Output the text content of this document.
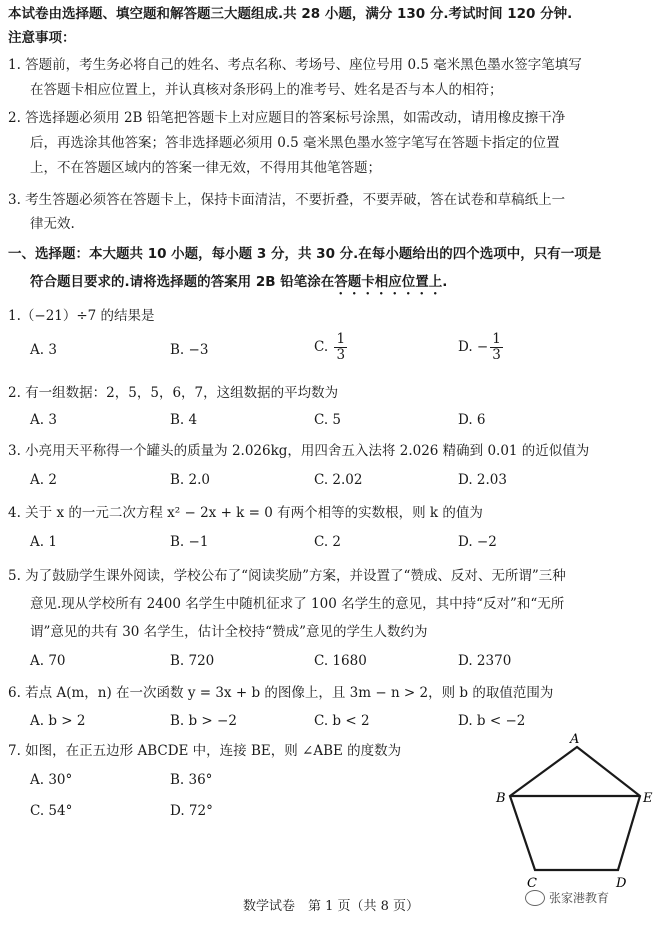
本试卷由选择题、填空题和解答题三大题组成.共 28 小题，满分 130 分.考试时间 120 分钟.
注意事项：
1. 答题前，考生务必将自己的姓名、考点名称、考场号、座位号用 0.5 毫米黑色墨水签字笔填写
在答题卡相应位置上，并认真核对条形码上的准考号、姓名是否与本人的相符；
2. 答选择题必须用 2B 铅笔把答题卡上对应题目的答案标号涂黑，如需改动，请用橡皮擦干净
后，再选涂其他答案；答非选择题必须用 0.5 毫米黑色墨水签字笔写在答题卡指定的位置
上，不在答题区域内的答案一律无效，不得用其他笔答题；
3. 考生答题必须答在答题卡上，保持卡面清洁，不要折叠，不要弄破，答在试卷和草稿纸上一
律无效.
一、选择题：本大题共 10 小题，每小题 3 分，共 30 分.在每小题给出的四个选项中，只有一项是
符合题目要求的.请将选择题的答案用 2B 铅笔涂在答题卡相应位置上.
1.（−21）÷7 的结果是
A. 3	B. −3	C. $\frac{1}{3}$	D. − $\frac{1}{3}$
2. 有一组数据：2，5，5，6，7，这组数据的平均数为
A. 3	B. 4	C. 5	D. 6
3. 小亮用天平称得一个罐头的质量为 2.026kg，用四舍五入法将 2.026 精确到 0.01 的近似值为
A. 2	B. 2.0	C. 2.02	D. 2.03
4. 关于 x 的一元二次方程 x² − 2x + k = 0 有两个相等的实数根，则 k 的值为
A. 1	B. −1	C. 2	D. −2
5. 为了鼓励学生课外阅读，学校公布了“阅读奖励”方案，并设置了“赞成、反对、无所谓”三种
意见.现从学校所有 2400 名学生中随机征求了 100 名学生的意见，其中持“反对”和“无所
谓”意见的共有 30 名学生，估计全校持“赞成”意见的学生人数约为
A. 70	B. 720	C. 1680	D. 2370
6. 若点 A(m，n) 在一次函数 y = 3x + b 的图像上，且 3m − n > 2，则 b 的取值范围为
A. b > 2	B. b > −2	C. b < 2	D. b < −2
7. 如图，在正五边形 ABCDE 中，连接 BE，则 ∠ABE 的度数为
A. 30°	B. 36°
C. 54°	D. 72°
A
B
C	D
E
数学试卷　第 1 页（共 8 页）
张家港教育
